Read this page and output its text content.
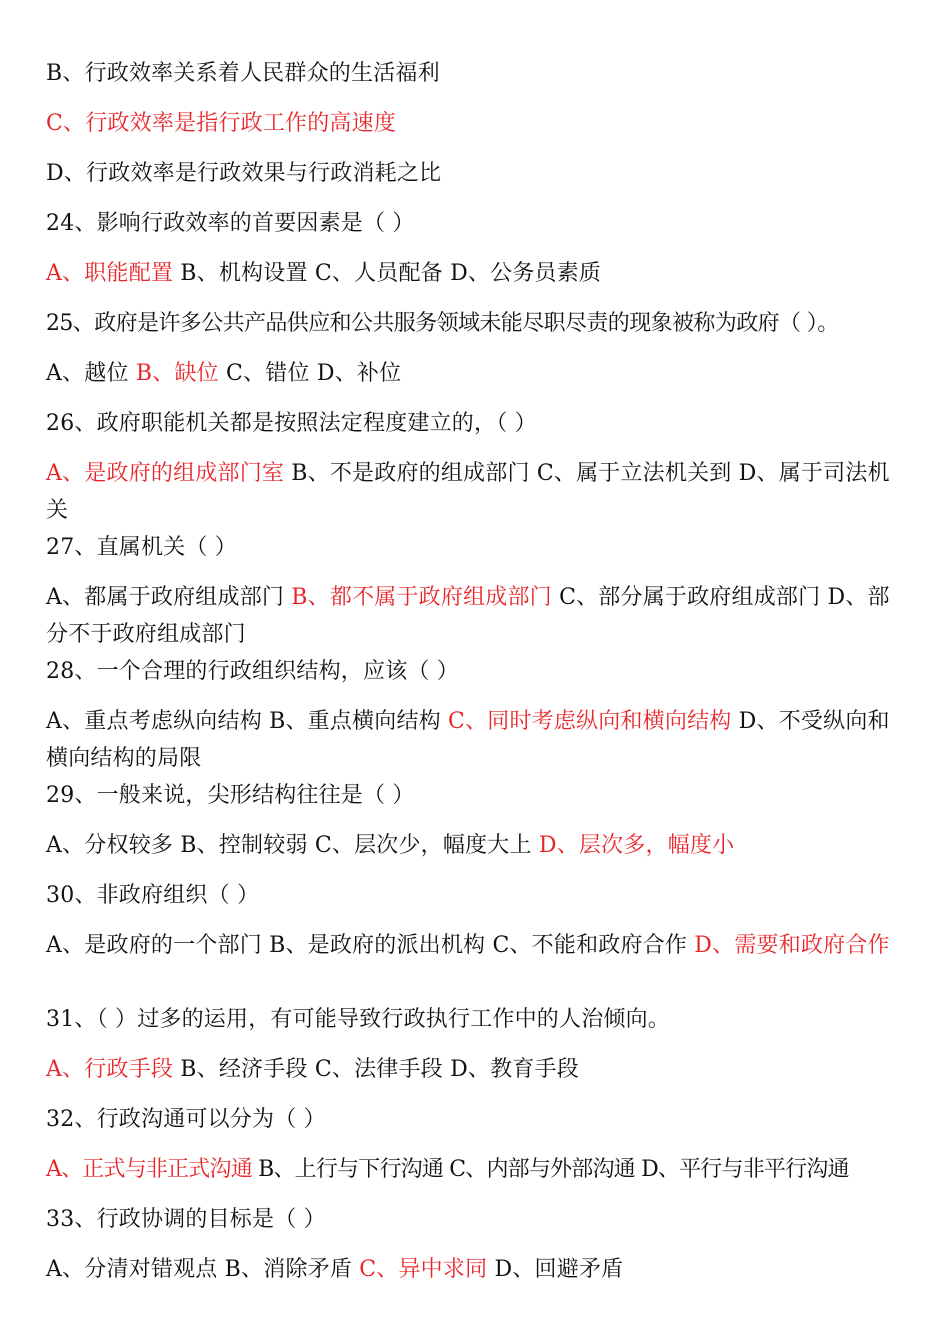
B、行政效率关系着人民群众的生活福利
C、行政效率是指行政工作的高速度
D、行政效率是行政效果与行政消耗之比
24、影响行政效率的首要因素是（ ）
A、职能配置 B、机构设置 C、人员配备 D、公务员素质
25、政府是许多公共产品供应和公共服务领域未能尽职尽责的现象被称为政府（ ）。
A、越位 B、缺位 C、错位 D、补位
26、政府职能机关都是按照法定程度建立的，（ ）
A、是政府的组成部门室 B、不是政府的组成部门 C、属于立法机关到 D、属于司法机关
27、直属机关（ ）
A、都属于政府组成部门 B、都不属于政府组成部门 C、部分属于政府组成部门 D、部分不于政府组成部门
28、一个合理的行政组织结构，应该（ ）
A、重点考虑纵向结构 B、重点横向结构 C、同时考虑纵向和横向结构 D、不受纵向和横向结构的局限
29、一般来说，尖形结构往往是（ ）
A、分权较多 B、控制较弱 C、层次少，幅度大上 D、层次多，幅度小
30、非政府组织（ ）
A、是政府的一个部门 B、是政府的派出机构 C、不能和政府合作 D、需要和政府合作
31、（ ）过多的运用，有可能导致行政执行工作中的人治倾向。
A、行政手段 B、经济手段 C、法律手段 D、教育手段
32、行政沟通可以分为（ ）
A、正式与非正式沟通 B、上行与下行沟通 C、内部与外部沟通 D、平行与非平行沟通
33、行政协调的目标是（ ）
A、分清对错观点 B、消除矛盾 C、异中求同 D、回避矛盾
